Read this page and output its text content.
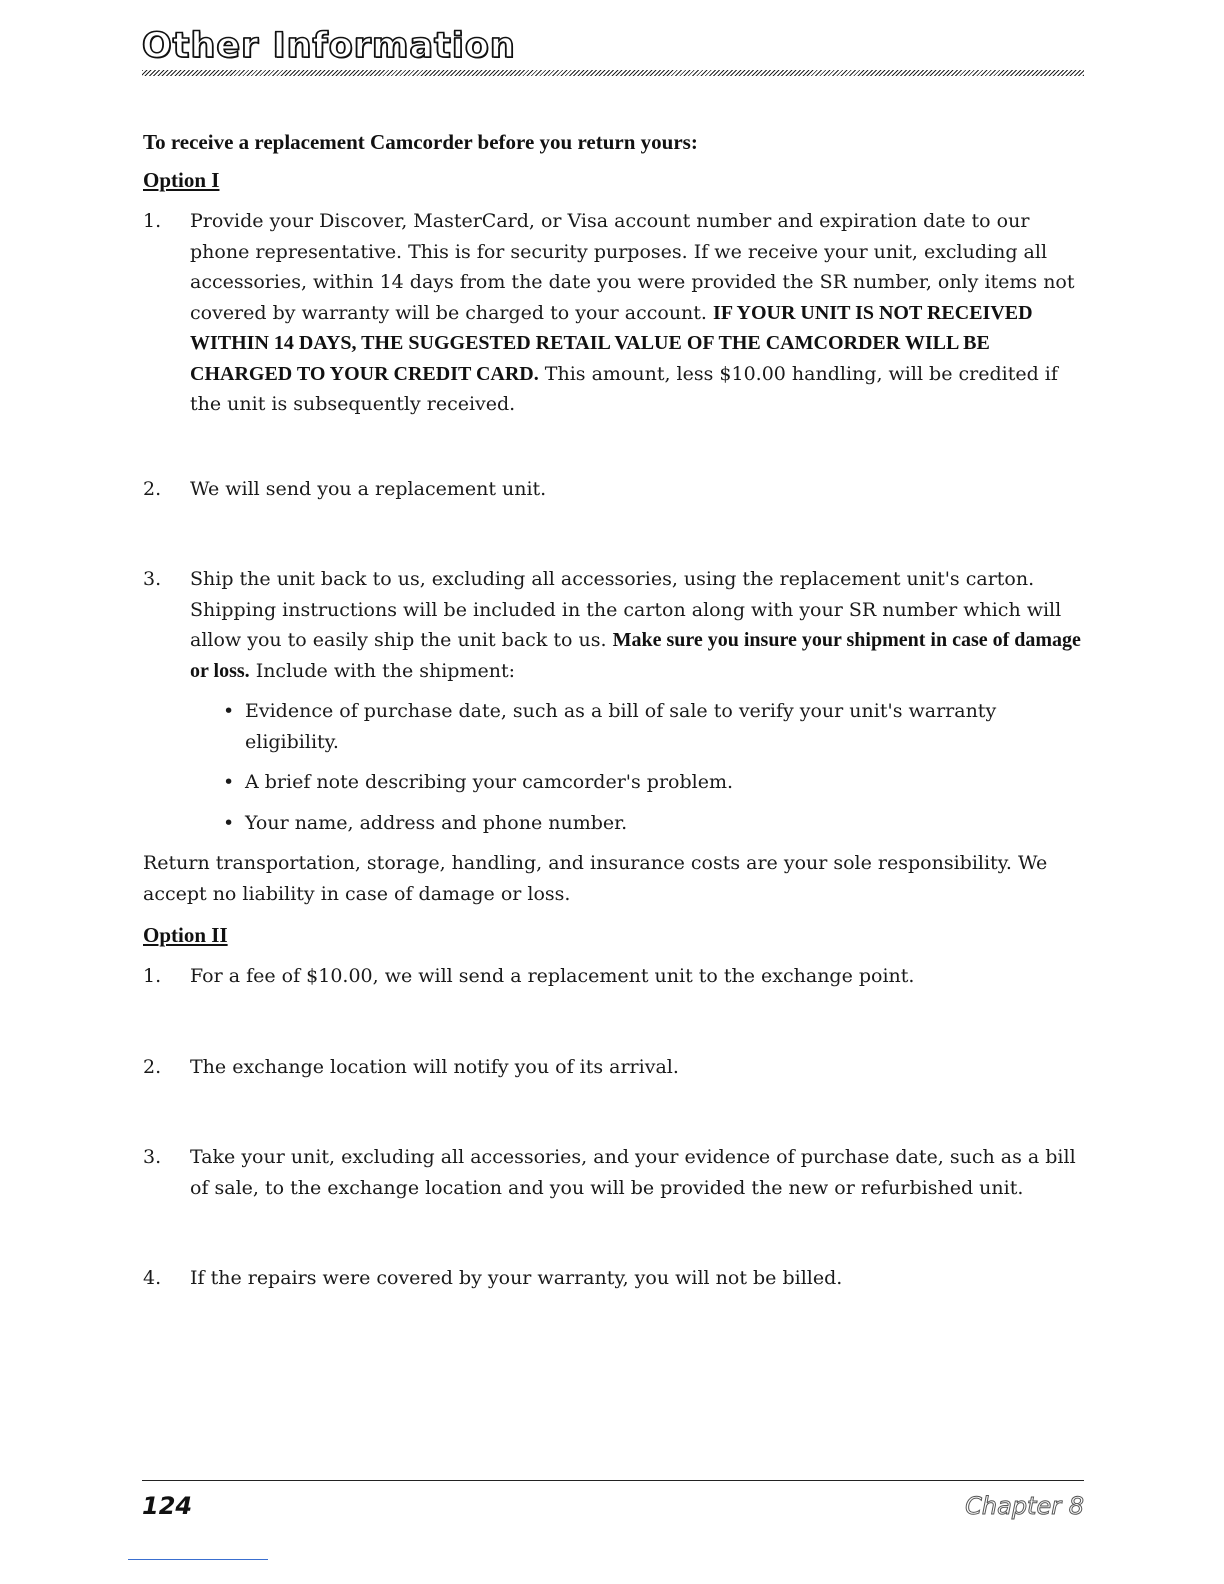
Other Information
To receive a replacement Camcorder before you return yours:
Option I
1. Provide your Discover, MasterCard, or Visa account number and expiration date to our phone representative. This is for security purposes. If we receive your unit, excluding all accessories, within 14 days from the date you were provided the SR number, only items not covered by warranty will be charged to your account. IF YOUR UNIT IS NOT RECEIVED WITHIN 14 DAYS, THE SUGGESTED RETAIL VALUE OF THE CAMCORDER WILL BE CHARGED TO YOUR CREDIT CARD. This amount, less $10.00 handling, will be credited if the unit is subsequently received.
2. We will send you a replacement unit.
3. Ship the unit back to us, excluding all accessories, using the replacement unit's carton. Shipping instructions will be included in the carton along with your SR number which will allow you to easily ship the unit back to us. Make sure you insure your shipment in case of damage or loss. Include with the shipment:
• Evidence of purchase date, such as a bill of sale to verify your unit's warranty eligibility.
• A brief note describing your camcorder's problem.
• Your name, address and phone number.
Return transportation, storage, handling, and insurance costs are your sole responsibility. We accept no liability in case of damage or loss.
Option II
1. For a fee of $10.00, we will send a replacement unit to the exchange point.
2. The exchange location will notify you of its arrival.
3. Take your unit, excluding all accessories, and your evidence of purchase date, such as a bill of sale, to the exchange location and you will be provided the new or refurbished unit.
4. If the repairs were covered by your warranty, you will not be billed.
124	Chapter 8
